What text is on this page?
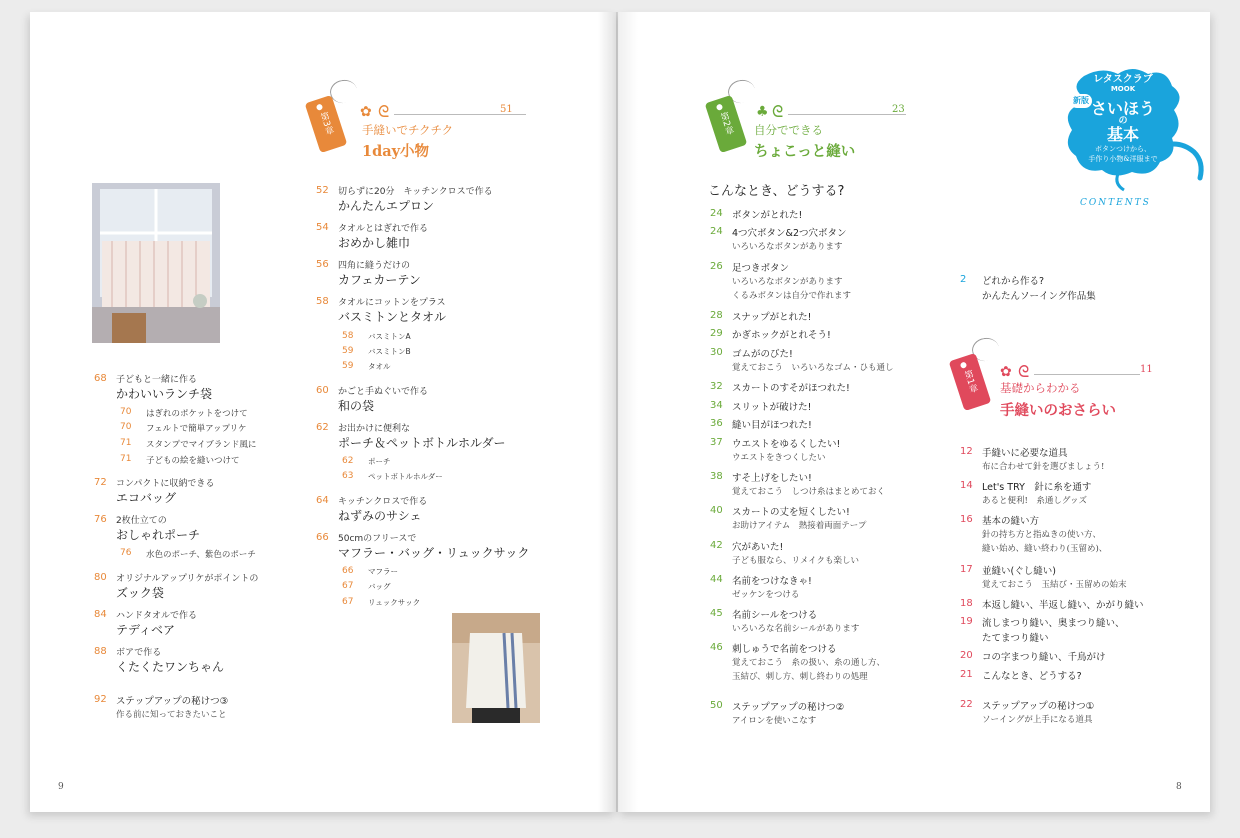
9
第3章	✿ ᘓ	51
手縫いでチクチク
1day小物
52 切らずに20分　キッチンクロスで作る
かんたんエプロン
54 タオルとはぎれで作る
おめかし雑巾
56 四角に縫うだけの
カフェカーテン
58 タオルにコットンをプラス
バスミトンとタオル
58 バスミトンA
59 バスミトンB
59 タオル
60 かごと手ぬぐいで作る
和の袋
62 お出かけに便利な
ポーチ＆ペットボトルホルダー
62 ポーチ
63 ペットボトルホルダー
64 キッチンクロスで作る
ねずみのサシェ
66 50cmのフリースで
マフラー・バッグ・リュックサック
66 マフラー
67 バッグ
67 リュックサック
68 子どもと一緒に作る
かわいいランチ袋
70 はぎれのポケットをつけて
70 フェルトで簡単アップリケ
71 スタンプでマイブランド風に
71 子どもの絵を縫いつけて
72 コンパクトに収納できる
エコバッグ
76 2枚仕立ての
おしゃれポーチ
76 水色のポーチ、紫色のポーチ
80 オリジナルアップリケがポイントの
ズック袋
84 ハンドタオルで作る
テディベア
88 ボアで作る
くたくたワンちゃん
92 ステップアップの秘けつ③
作る前に知っておきたいこと
8
レタスクラブ
MOOK
新版 さいほう
の
基本
ボタンつけから、
手作り小物&洋服まで
CONTENTS
第2章	♣ ᘓ	23
自分でできる
ちょこっと縫い
こんなとき、どうする?
24 ボタンがとれた!
24 4つ穴ボタン&2つ穴ボタン
いろいろなボタンがあります
26 足つきボタン
いろいろなボタンがあります
くるみボタンは自分で作れます
28 スナップがとれた!
29 かぎホックがとれそう!
30 ゴムがのびた!
覚えておこう　いろいろなゴム・ひも通し
32 スカートのすそがほつれた!
34 スリットが破けた!
36 縫い目がほつれた!
37 ウエストをゆるくしたい!
ウエストをきつくしたい
38 すそ上げをしたい!
覚えておこう　しつけ糸はまとめておく
40 スカートの丈を短くしたい!
お助けアイテム　熱接着両面テープ
42 穴があいた!
子ども服なら、リメイクも楽しい
44 名前をつけなきゃ!
ゼッケンをつける
45 名前シールをつける
いろいろな名前シールがあります
46 刺しゅうで名前をつける
覚えておこう　糸の扱い、糸の通し方、
玉結び、刺し方、刺し終わりの処理
50 ステップアップの秘けつ②
アイロンを使いこなす
2 どれから作る?
かんたんソーイング作品集
第1章	✿ ᘓ	11
基礎からわかる
手縫いのおさらい
12 手縫いに必要な道具
布に合わせて針を選びましょう!
14 Let's TRY　針に糸を通す
あると便利!　糸通しグッズ
16 基本の縫い方
針の持ち方と指ぬきの使い方、
縫い始め、縫い終わり(玉留め)、
17 並縫い(ぐし縫い)
覚えておこう　玉結び・玉留めの始末
18 本返し縫い、半返し縫い、かがり縫い
19 流しまつり縫い、奥まつり縫い、
たてまつり縫い
20 コの字まつり縫い、千鳥がけ
21 こんなとき、どうする?
22 ステップアップの秘けつ①
ソーイングが上手になる道具
